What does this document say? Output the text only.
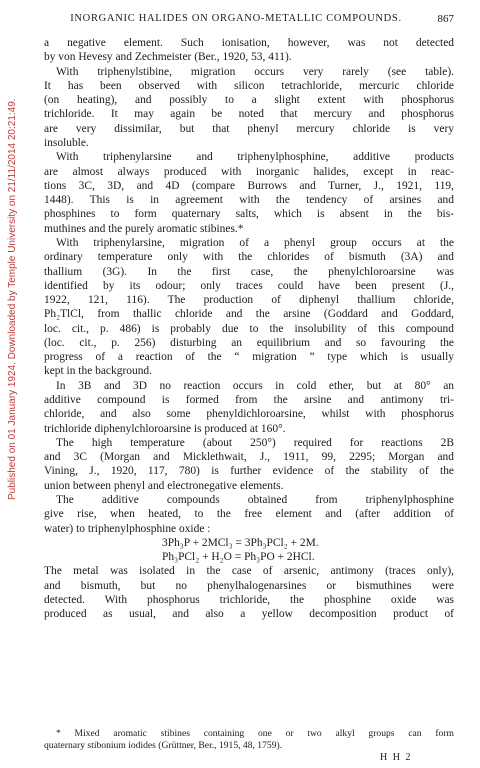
Published on 01 January 1924. Downloaded by Temple University on 21/11/2014 20:21:49.
INORGANIC HALIDES ON ORGANO-METALLIC COMPOUNDS.	867
a negative element. Such ionisation, however, was not detected
by von Hevesy and Zechmeister (Ber., 1920, 53, 411).
With triphenylstibine, migration occurs very rarely (see table).
It has been observed with silicon tetrachloride, mercuric chloride
(on heating), and possibly to a slight extent with phosphorus
trichloride. It may again be noted that mercury and phosphorus
are very dissimilar, but that phenyl mercury chloride is very
insoluble.
With triphenylarsine and triphenylphosphine, additive products
are almost always produced with inorganic halides, except in reac-
tions 3C, 3D, and 4D (compare Burrows and Turner, J., 1921, 119,
1448). This is in agreement with the tendency of arsines and
phosphines to form quaternary salts, which is absent in the bis-
muthines and the purely aromatic stibines.*
With triphenylarsine, migration of a phenyl group occurs at the
ordinary temperature only with the chlorides of bismuth (3A) and
thallium (3G). In the first case, the phenylchloroarsine was
identified by its odour; only traces could have been present (J.,
1922, 121, 116). The production of diphenyl thallium chloride,
Ph₂TlCl, from thallic chloride and the arsine (Goddard and Goddard,
loc. cit., p. 486) is probably due to the insolubility of this compound
(loc. cit., p. 256) disturbing an equilibrium and so favouring the
progress of a reaction of the “ migration ” type which is usually
kept in the background.
In 3B and 3D no reaction occurs in cold ether, but at 80° an
additive compound is formed from the arsine and antimony tri-
chloride, and also some phenyldichloroarsine, whilst with phosphorus
trichloride diphenylchloroarsine is produced at 160°.
The high temperature (about 250°) required for reactions 2B
and 3C (Morgan and Micklethwait, J., 1911, 99, 2295; Morgan and
Vining, J., 1920, 117, 780) is further evidence of the stability of the
union between phenyl and electronegative elements.
The additive compounds obtained from triphenylphosphine
give rise, when heated, to the free element and (after addition of
water) to triphenylphosphine oxide :
3Ph₃P + 2MCl₃ = 3Ph₃PCl₂ + 2M.
Ph₃PCl₂ + H₂O = Ph₃PO + 2HCl.
The metal was isolated in the case of arsenic, antimony (traces only),
and bismuth, but no phenylhalogenarsines or bismuthines were
detected. With phosphorus trichloride, the phosphine oxide was
produced as usual, and also a yellow decomposition product of
* Mixed aromatic stibines containing one or two alkyl groups can form
quaternary stibonium iodides (Grüttner, Ber., 1915, 48, 1759).
H H 2
